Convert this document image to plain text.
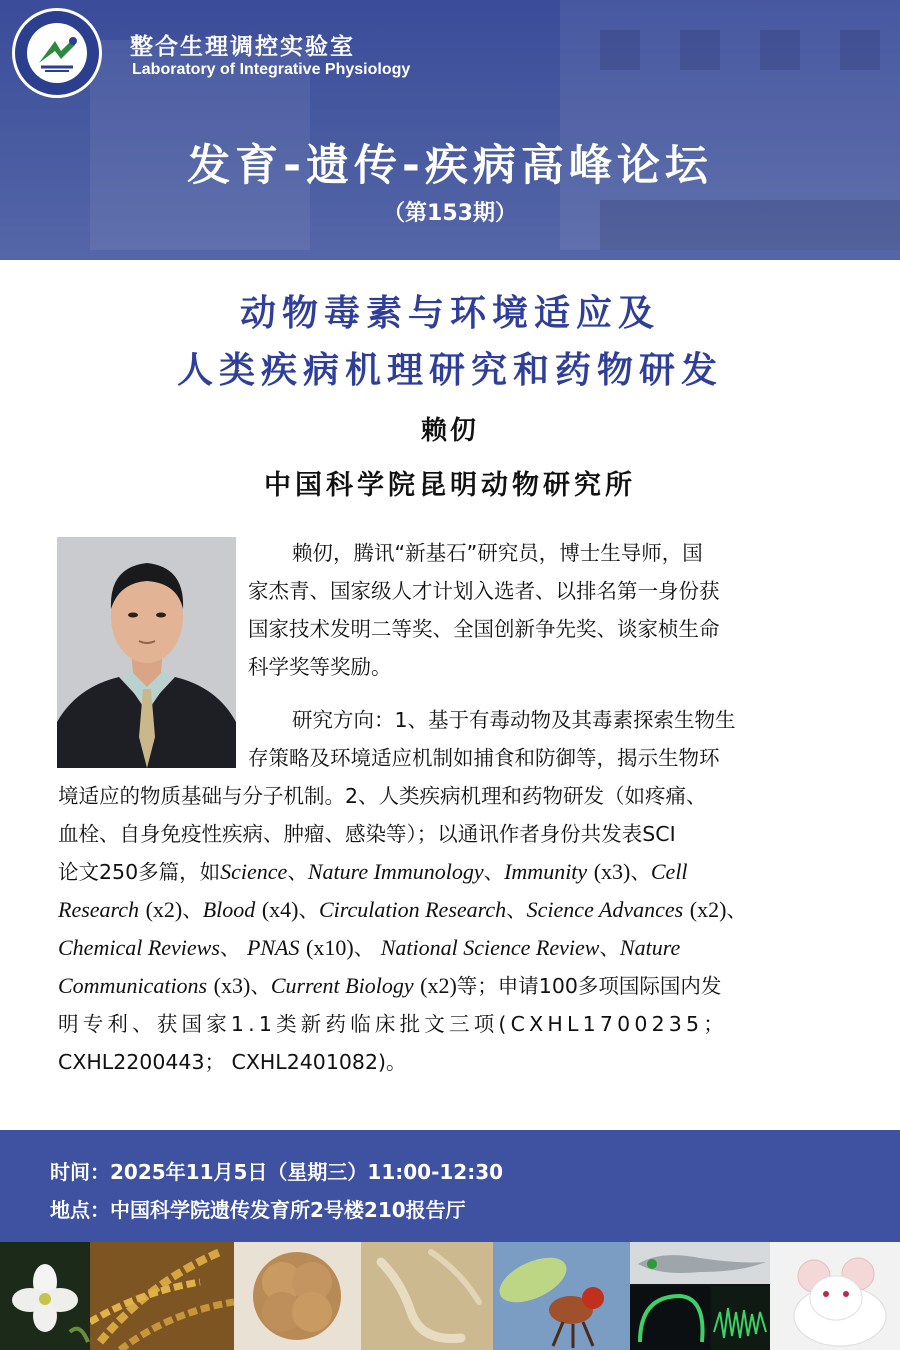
整合生理调控实验室
Laboratory of Integrative Physiology
发育-遗传-疾病高峰论坛
（第153期）
动物毒素与环境适应及
人类疾病机理研究和药物研发
赖仞
中国科学院昆明动物研究所
赖仞，腾讯“新基石”研究员，博士生导师，国
家杰青、国家级人才计划入选者、以排名第一身份获
国家技术发明二等奖、全国创新争先奖、谈家桢生命
科学奖等奖励。
研究方向：1、基于有毒动物及其毒素探索生物生
存策略及环境适应机制如捕食和防御等，揭示生物环
境适应的物质基础与分子机制。2、人类疾病机理和药物研发（如疼痛、
血栓、自身免疫性疾病、肿瘤、感染等）；以通讯作者身份共发表SCI
论文250多篇，如Science、Nature Immunology、Immunity (x3)、Cell
Research (x2)、Blood (x4)、Circulation Research、Science Advances (x2)、
Chemical Reviews、 PNAS (x10)、 National Science Review、Nature
Communications (x3)、Current Biology (x2)等；申请100多项国际国内发
明专利、获国家1.1类新药临床批文三项(CXHL1700235；
CXHL2200443； CXHL2401082)。
时间：2025年11月5日（星期三）11:00-12:30
地点：中国科学院遗传发育所2号楼210报告厅
